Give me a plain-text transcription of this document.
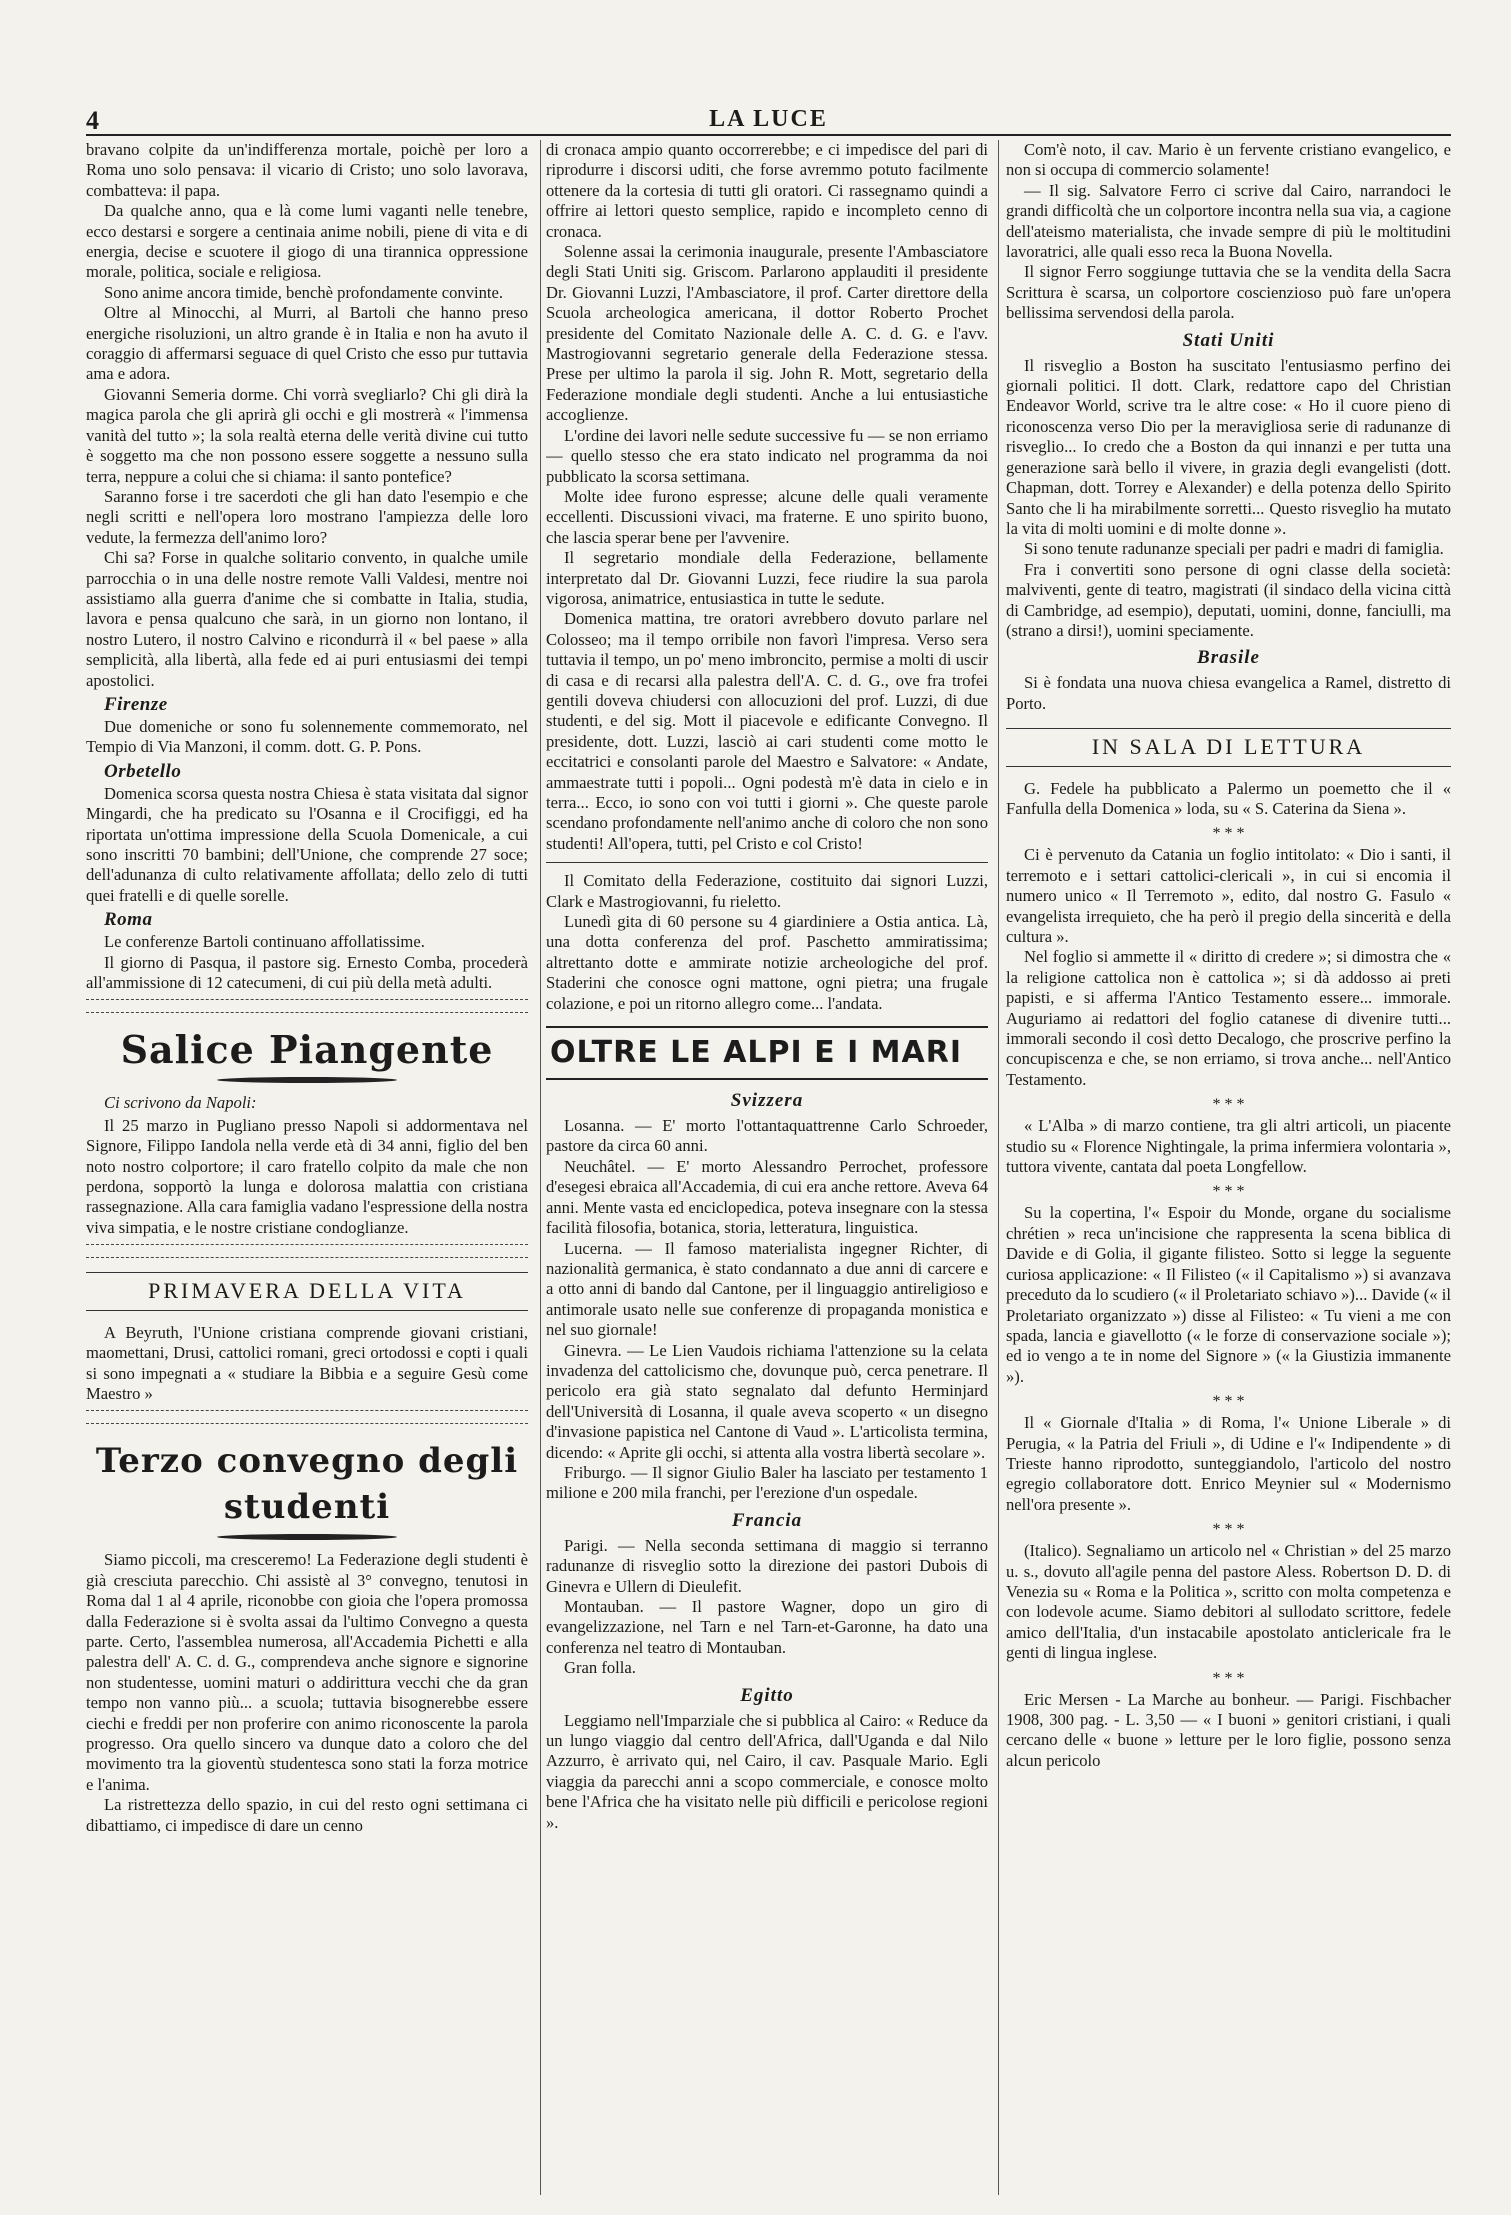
4	LA LUCE

bravano colpite da un'indifferenza mortale, poichè per loro a Roma uno solo pensava: il vicario di Cristo; uno solo lavorava, combatteva: il papa.

Da qualche anno, qua e là come lumi vaganti nelle tenebre, ecco destarsi e sorgere a centinaia anime nobili, piene di vita e di energia, decise e scuotere il giogo di una tirannica oppressione morale, politica, sociale e religiosa.

Sono anime ancora timide, benchè profondamente convinte.

Oltre al Minocchi, al Murri, al Bartoli che hanno preso energiche risoluzioni, un altro grande è in Italia e non ha avuto il coraggio di affermarsi seguace di quel Cristo che esso pur tuttavia ama e adora.

Giovanni Semeria dorme. Chi vorrà svegliarlo? Chi gli dirà la magica parola che gli aprirà gli occhi e gli mostrerà « l'immensa vanità del tutto »; la sola realtà eterna delle verità divine cui tutto è soggetto ma che non possono essere soggette a nessuno sulla terra, neppure a colui che si chiama: il santo pontefice?

Saranno forse i tre sacerdoti che gli han dato l'esempio e che negli scritti e nell'opera loro mostrano l'ampiezza delle loro vedute, la fermezza dell'animo loro?

Chi sa? Forse in qualche solitario convento, in qualche umile parrocchia o in una delle nostre remote Valli Valdesi, mentre noi assistiamo alla guerra d'anime che si combatte in Italia, studia, lavora e pensa qualcuno che sarà, in un giorno non lontano, il nostro Lutero, il nostro Calvino e ricondurrà il « bel paese » alla semplicità, alla libertà, alla fede ed ai puri entusiasmi dei tempi apostolici.

Firenze

Due domeniche or sono fu solennemente commemorato, nel Tempio di Via Manzoni, il comm. dott. G. P. Pons.

Orbetello

Domenica scorsa questa nostra Chiesa è stata visitata dal signor Mingardi, che ha predicato su l'Osanna e il Crocifiggi, ed ha riportata un'ottima impressione della Scuola Domenicale, a cui sono inscritti 70 bambini; dell'Unione, che comprende 27 soce; dell'adunanza di culto relativamente affollata; dello zelo di tutti quei fratelli e di quelle sorelle.

Roma

Le conferenze Bartoli continuano affollatissime.

Il giorno di Pasqua, il pastore sig. Ernesto Comba, procederà all'ammissione di 12 catecumeni, di cui più della metà adulti.

Salice Piangente
Ci scrivono da Napoli:

Il 25 marzo in Pugliano presso Napoli si addormentava nel Signore, Filippo Iandola nella verde età di 34 anni, figlio del ben noto nostro colportore; il caro fratello colpito da male che non perdona, sopportò la lunga e dolorosa malattia con cristiana rassegnazione. Alla cara famiglia vadano l'espressione della nostra viva simpatia, e le nostre cristiane condoglianze.

PRIMAVERA DELLA VITA

A Beyruth, l'Unione cristiana comprende giovani cristiani, maomettani, Drusi, cattolici romani, greci ortodossi e copti i quali si sono impegnati a « studiare la Bibbia e a seguire Gesù come Maestro »

Terzo convegno degli studenti

Siamo piccoli, ma cresceremo! La Federazione degli studenti è già cresciuta parecchio. Chi assistè al 3° convegno, tenutosi in Roma dal 1 al 4 aprile, riconobbe con gioia che l'opera promossa dalla Federazione si è svolta assai da l'ultimo Convegno a questa parte. Certo, l'assemblea numerosa, all'Accademia Pichetti e alla palestra dell' A. C. d. G., comprendeva anche signore e signorine non studentesse, uomini maturi o addirittura vecchi che da gran tempo non vanno più... a scuola; tuttavia bisognerebbe essere ciechi e freddi per non proferire con animo riconoscente la parola progresso. Ora quello sincero va dunque dato a coloro che del movimento tra la gioventù studentesca sono stati la forza motrice e l'anima.

La ristrettezza dello spazio, in cui del resto ogni settimana ci dibattiamo, ci impedisce di dare un cenno

di cronaca ampio quanto occorrerebbe; e ci impedisce del pari di riprodurre i discorsi uditi, che forse avremmo potuto facilmente ottenere da la cortesia di tutti gli oratori. Ci rassegnamo quindi a offrire ai lettori questo semplice, rapido e incompleto cenno di cronaca.

Solenne assai la cerimonia inaugurale, presente l'Ambasciatore degli Stati Uniti sig. Griscom. Parlarono applauditi il presidente Dr. Giovanni Luzzi, l'Ambasciatore, il prof. Carter direttore della Scuola archeologica americana, il dottor Roberto Prochet presidente del Comitato Nazionale delle A. C. d. G. e l'avv. Mastrogiovanni segretario generale della Federazione stessa. Prese per ultimo la parola il sig. John R. Mott, segretario della Federazione mondiale degli studenti. Anche a lui entusiastiche accoglienze.

L'ordine dei lavori nelle sedute successive fu — se non erriamo — quello stesso che era stato indicato nel programma da noi pubblicato la scorsa settimana.

Molte idee furono espresse; alcune delle quali veramente eccellenti. Discussioni vivaci, ma fraterne. E uno spirito buono, che lascia sperar bene per l'avvenire.

Il segretario mondiale della Federazione, bellamente interpretato dal Dr. Giovanni Luzzi, fece riudire la sua parola vigorosa, animatrice, entusiastica in tutte le sedute.

Domenica mattina, tre oratori avrebbero dovuto parlare nel Colosseo; ma il tempo orribile non favorì l'impresa. Verso sera tuttavia il tempo, un po' meno imbroncito, permise a molti di uscir di casa e di recarsi alla palestra dell'A. C. d. G., ove fra trofei gentili doveva chiudersi con allocuzioni del prof. Luzzi, di due studenti, e del sig. Mott il piacevole e edificante Convegno. Il presidente, dott. Luzzi, lasciò ai cari studenti come motto le eccitatrici e consolanti parole del Maestro e Salvatore: « Andate, ammaestrate tutti i popoli... Ogni podestà m'è data in cielo e in terra... Ecco, io sono con voi tutti i giorni ». Che queste parole scendano profondamente nell'animo anche di coloro che non sono studenti! All'opera, tutti, pel Cristo e col Cristo!

Il Comitato della Federazione, costituito dai signori Luzzi, Clark e Mastrogiovanni, fu rieletto.

Lunedì gita di 60 persone su 4 giardiniere a Ostia antica. Là, una dotta conferenza del prof. Paschetto ammiratissima; altrettanto dotte e ammirate notizie archeologiche del prof. Staderini che conosce ogni mattone, ogni pietra; una frugale colazione, e poi un ritorno allegro come... l'andata.

OLTRE LE ALPI E I MARI
Svizzera

Losanna. — E' morto l'ottantaquattrenne Carlo Schroeder, pastore da circa 60 anni.

Neuchâtel. — E' morto Alessandro Perrochet, professore d'esegesi ebraica all'Accademia, di cui era anche rettore. Aveva 64 anni. Mente vasta ed enciclopedica, poteva insegnare con la stessa facilità filosofia, botanica, storia, letteratura, linguistica.

Lucerna. — Il famoso materialista ingegner Richter, di nazionalità germanica, è stato condannato a due anni di carcere e a otto anni di bando dal Cantone, per il linguaggio antireligioso e antimorale usato nelle sue conferenze di propaganda monistica e nel suo giornale!

Ginevra. — Le Lien Vaudois richiama l'attenzione su la celata invadenza del cattolicismo che, dovunque può, cerca penetrare. Il pericolo era già stato segnalato dal defunto Herminjard dell'Università di Losanna, il quale aveva scoperto « un disegno d'invasione papistica nel Cantone di Vaud ». L'articolista termina, dicendo: « Aprite gli occhi, si attenta alla vostra libertà secolare ».

Friburgo. — Il signor Giulio Baler ha lasciato per testamento 1 milione e 200 mila franchi, per l'erezione d'un ospedale.

Francia

Parigi. — Nella seconda settimana di maggio si terranno radunanze di risveglio sotto la direzione dei pastori Dubois di Ginevra e Ullern di Dieulefit.

Montauban. — Il pastore Wagner, dopo un giro di evangelizzazione, nel Tarn e nel Tarn-et-Garonne, ha dato una conferenza nel teatro di Montauban.

Gran folla.

Egitto

Leggiamo nell'Imparziale che si pubblica al Cairo: « Reduce da un lungo viaggio dal centro dell'Africa, dall'Uganda e dal Nilo Azzurro, è arrivato qui, nel Cairo, il cav. Pasquale Mario. Egli viaggia da parecchi anni a scopo commerciale, e conosce molto bene l'Africa che ha visitato nelle più difficili e pericolose regioni ».

Com'è noto, il cav. Mario è un fervente cristiano evangelico, e non si occupa di commercio solamente!

— Il sig. Salvatore Ferro ci scrive dal Cairo, narrandoci le grandi difficoltà che un colportore incontra nella sua via, a cagione dell'ateismo materialista, che invade sempre di più le moltitudini lavoratrici, alle quali esso reca la Buona Novella.

Il signor Ferro soggiunge tuttavia che se la vendita della Sacra Scrittura è scarsa, un colportore coscienzioso può fare un'opera bellissima servendosi della parola.

Stati Uniti

Il risveglio a Boston ha suscitato l'entusiasmo perfino dei giornali politici. Il dott. Clark, redattore capo del Christian Endeavor World, scrive tra le altre cose: « Ho il cuore pieno di riconoscenza verso Dio per la meravigliosa serie di radunanze di risveglio... Io credo che a Boston da qui innanzi e per tutta una generazione sarà bello il vivere, in grazia degli evangelisti (dott. Chapman, dott. Torrey e Alexander) e della potenza dello Spirito Santo che li ha mirabilmente sorretti... Questo risveglio ha mutato la vita di molti uomini e di molte donne ».

Si sono tenute radunanze speciali per padri e madri di famiglia.

Fra i convertiti sono persone di ogni classe della società: malviventi, gente di teatro, magistrati (il sindaco della vicina città di Cambridge, ad esempio), deputati, uomini, donne, fanciulli, ma (strano a dirsi!), uomini speciamente.

Brasile

Si è fondata una nuova chiesa evangelica a Ramel, distretto di Porto.

IN SALA DI LETTURA

G. Fedele ha pubblicato a Palermo un poemetto che il « Fanfulla della Domenica » loda, su « S. Caterina da Siena ».

* * *

Ci è pervenuto da Catania un foglio intitolato: « Dio i santi, il terremoto e i settari cattolici-clericali », in cui si encomia il numero unico « Il Terremoto », edito, dal nostro G. Fasulo « evangelista irrequieto, che ha però il pregio della sincerità e della cultura ».

Nel foglio si ammette il « diritto di credere »; si dimostra che « la religione cattolica non è cattolica »; si dà addosso ai preti papisti, e si afferma l'Antico Testamento essere... immorale. Auguriamo ai redattori del foglio catanese di divenire tutti... immorali secondo il così detto Decalogo, che proscrive perfino la concupiscenza e che, se non erriamo, si trova anche... nell'Antico Testamento.

* * *

« L'Alba » di marzo contiene, tra gli altri articoli, un piacente studio su « Florence Nightingale, la prima infermiera volontaria », tuttora vivente, cantata dal poeta Longfellow.

* * *

Su la copertina, l'« Espoir du Monde, organe du socialisme chrétien » reca un'incisione che rappresenta la scena biblica di Davide e di Golia, il gigante filisteo. Sotto si legge la seguente curiosa applicazione: « Il Filisteo (« il Capitalismo ») si avanzava preceduto da lo scudiero (« il Proletariato schiavo »)... Davide (« il Proletariato organizzato ») disse al Filisteo: « Tu vieni a me con spada, lancia e giavellotto (« le forze di conservazione sociale »); ed io vengo a te in nome del Signore » (« la Giustizia immanente »).

* * *

Il « Giornale d'Italia » di Roma, l'« Unione Liberale » di Perugia, « la Patria del Friuli », di Udine e l'« Indipendente » di Trieste hanno riprodotto, sunteggiandolo, l'articolo del nostro egregio collaboratore dott. Enrico Meynier sul « Modernismo nell'ora presente ».

* * *

(Italico). Segnaliamo un articolo nel « Christian » del 25 marzo u. s., dovuto all'agile penna del pastore Aless. Robertson D. D. di Venezia su « Roma e la Politica », scritto con molta competenza e con lodevole acume. Siamo debitori al sullodato scrittore, fedele amico dell'Italia, d'un instacabile apostolato anticlericale fra le genti di lingua inglese.

* * *

Eric Mersen - La Marche au bonheur. — Parigi. Fischbacher 1908, 300 pag. - L. 3,50 — « I buoni » genitori cristiani, i quali cercano delle « buone » letture per le loro figlie, possono senza alcun pericolo
